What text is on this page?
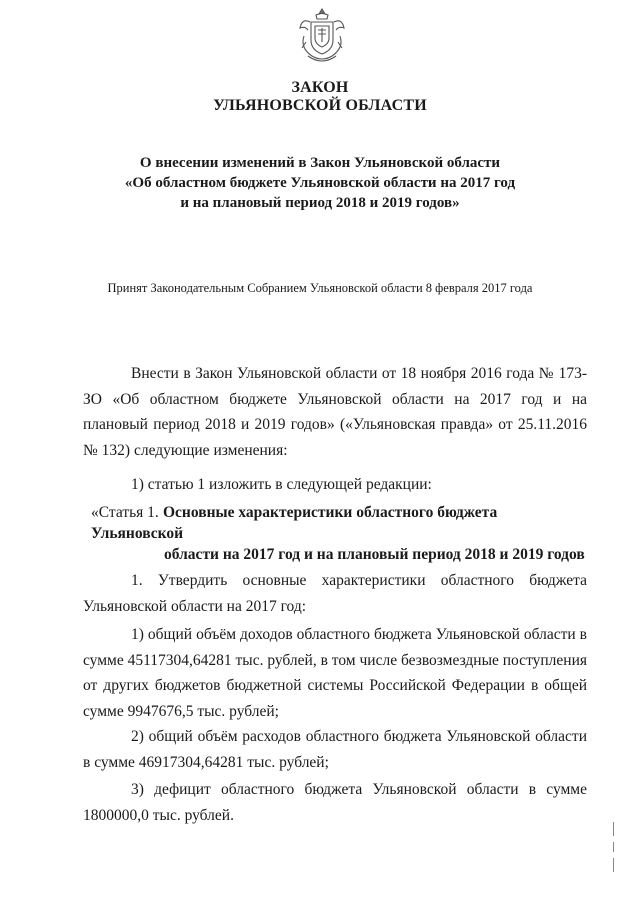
ЗАКОН
УЛЬЯНОВСКОЙ ОБЛАСТИ
О внесении изменений в Закон Ульяновской области
«Об областном бюджете Ульяновской области на 2017 год
и на плановый период 2018 и 2019 годов»
Принят Законодательным Собранием Ульяновской области 8 февраля 2017 года
Внести в Закон Ульяновской области от 18 ноября 2016 года № 173-ЗО «Об областном бюджете Ульяновской области на 2017 год и на плановый период 2018 и 2019 годов» («Ульяновская правда» от 25.11.2016 № 132) следующие изменения:
1) статью 1 изложить в следующей редакции:
«Статья 1. Основные характеристики областного бюджета Ульяновской
области на 2017 год и на плановый период 2018 и 2019 годов
1. Утвердить основные характеристики областного бюджета Ульяновской области на 2017 год:
1) общий объём доходов областного бюджета Ульяновской области в сумме 45117304,64281 тыс. рублей, в том числе безвозмездные поступления от других бюджетов бюджетной системы Российской Федерации в общей сумме 9947676,5 тыс. рублей;
2) общий объём расходов областного бюджета Ульяновской области в сумме 46917304,64281 тыс. рублей;
3) дефицит областного бюджета Ульяновской области в сумме 1800000,0 тыс. рублей.
